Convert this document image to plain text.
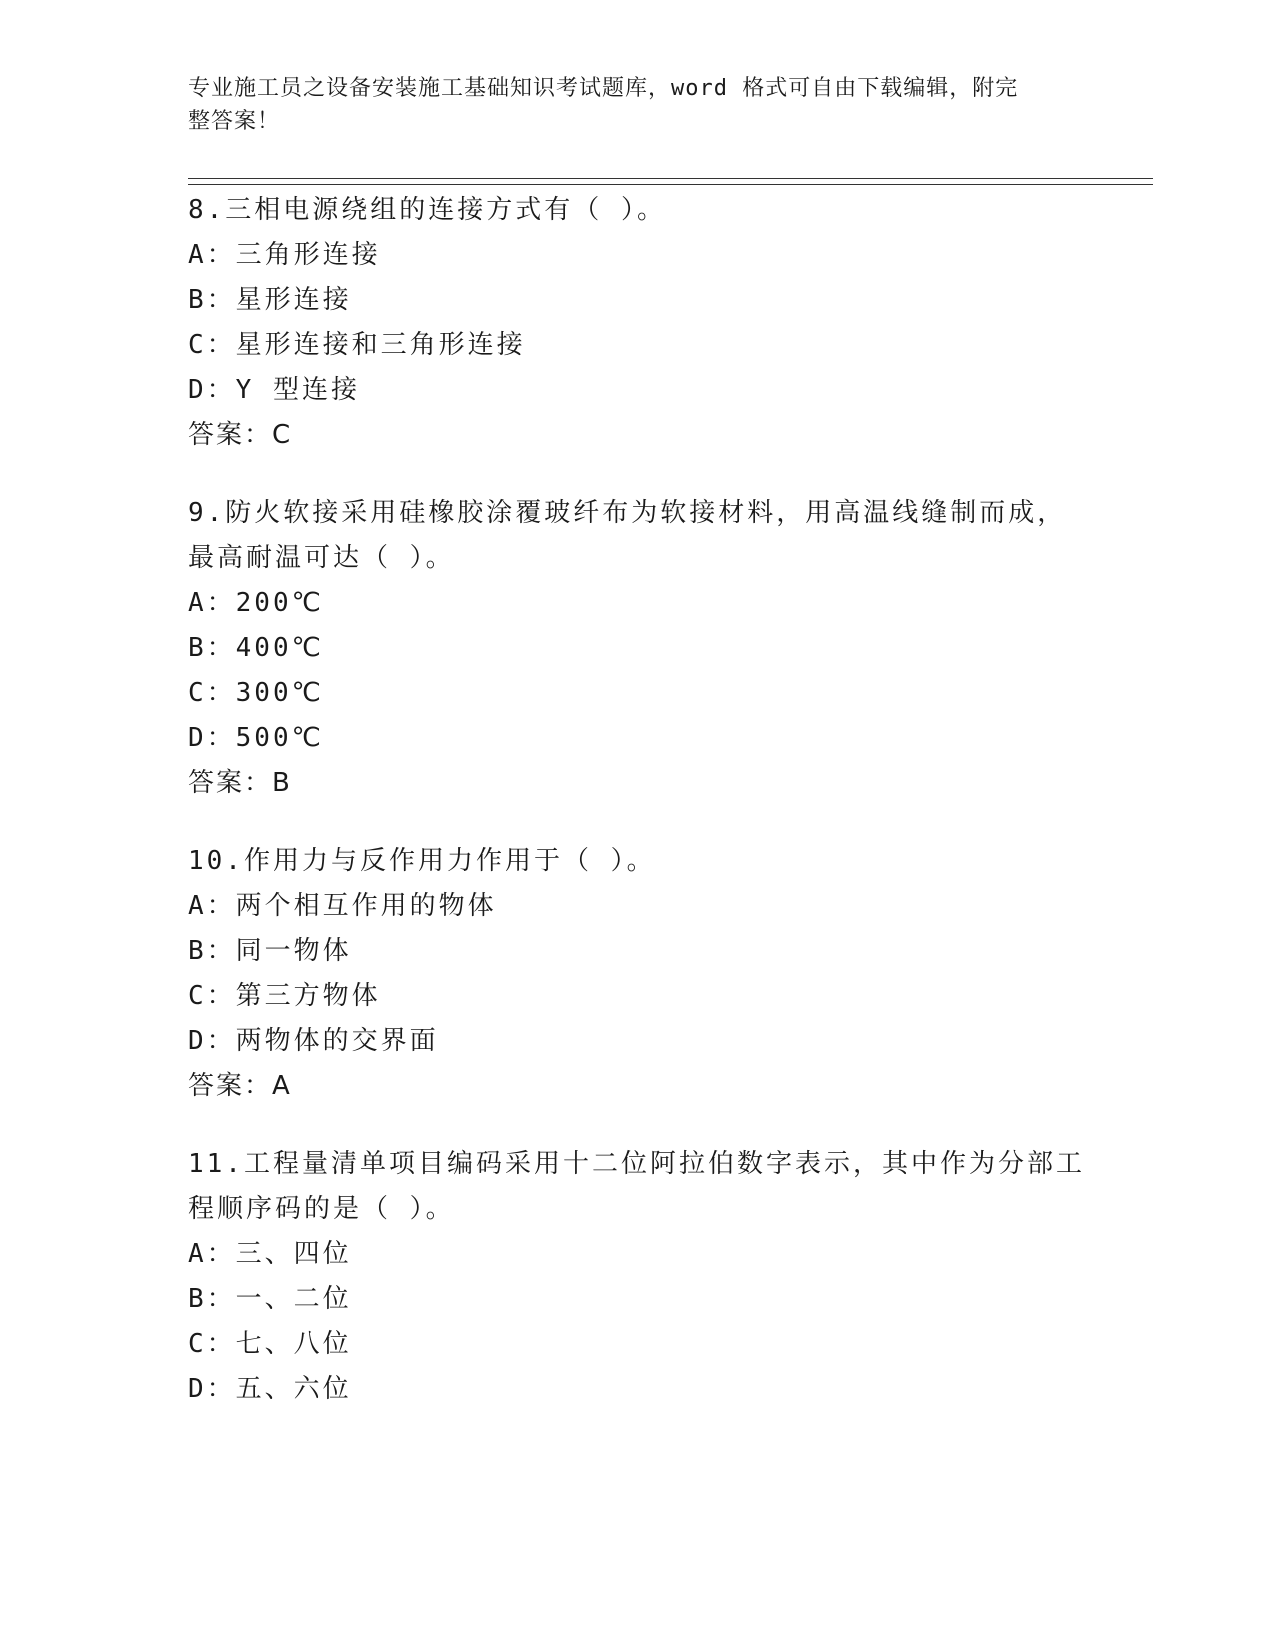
专业施工员之设备安装施工基础知识考试题库，word 格式可自由下载编辑，附完
整答案！
8.三相电源绕组的连接方式有（ ）。
A：三角形连接
B：星形连接
C：星形连接和三角形连接
D：Y 型连接
答案：C
9.防火软接采用硅橡胶涂覆玻纤布为软接材料，用高温线缝制而成，最高耐温可达（ ）。
A：200℃
B：400℃
C：300℃
D：500℃
答案：B
10.作用力与反作用力作用于（ ）。
A：两个相互作用的物体
B：同一物体
C：第三方物体
D：两物体的交界面
答案：A
11.工程量清单项目编码采用十二位阿拉伯数字表示，其中作为分部工程顺序码的是（ ）。
A：三、四位
B：一、二位
C：七、八位
D：五、六位
